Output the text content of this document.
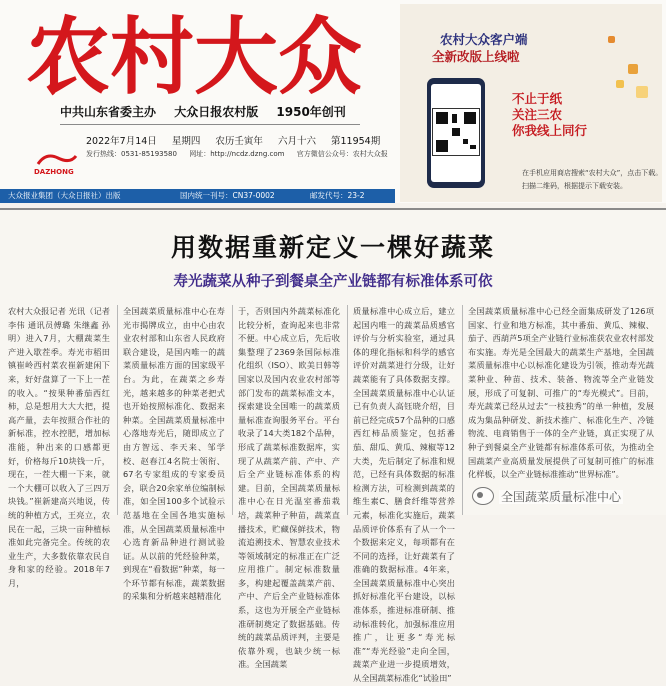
农村大众
中共山东省委主办 大众日报农村版 1950年创刊
2022年7月14日 星期四 农历壬寅年 六月十六 第11954期
DAZHONG
发行热线：0531-85193580 网址：http://ncdz.dzng.com 官方微信公众号：农村大众报
大众报业集团（大众日报社）出版	国内统一刊号：CN37-0002	邮发代号：23-2
农村大众客户端
全新改版上线啦
不止于纸
关注三农
你我线上同行
在手机应用商店搜索“农村大众”，点击下载。
扫描二维码，根据提示下载安装。
用数据重新定义一棵好蔬菜
寿光蔬菜从种子到餐桌全产业链都有标准体系可依

农村大众报记者 光讯（记者李伟 通讯员傅璐 朱继鑫 孙明）进入7月，大棚蔬菜生产进入歇茬季。寿光市稻田镇崔岭西村菜农崔新建闲下来，好好盘算了一下上一茬的收入。“按果种番茄西红柿，总是想用大大大把，提高产量，去年按照合作社的新标准，控水控肥，增加标准能，种出来的口感都更好，价格每斤10块钱一斤，现在，一茬大棚一下来，就一个大棚可以收入了三四万块钱。”崔新建高兴地说，传统的种植方式，王亮立，农民在一起，三块一亩种植标准如此完备完全。传统的农业生产，大多数依靠农民自身和家的经验。2018年7月，

全国蔬菜质量标准中心在寿光市揭牌成立，由中心由农业农村部和山东省人民政府联合建设，是国内唯一的蔬菜质量标准方面的国家级平台。为此，在蔬菜之乡寿光，越来越多的种菜老把式也开始按照标准化、数据来种菜。全国蔬菜质量标准中心落地寿光后，随即成立了由方智远、李天来、邹学校、赵春江4名院士领衔、67名专家组成的专家委员会，联合20余家单位编制标准，如全国100多个试验示范基地在全国各地实施标准，从全国蔬菜质量标准中心选育新品种进行测试验证。从以前的凭经验种菜，到现在“看数据”种菜，每一个环节都有标准，蔬菜数据的采集和分析越来越精准化

于，否则国内外蔬菜标准化比较分析，查询起来也非常不便。中心成立后，先后收集整理了2369条国际标准化组织（ISO）、欧美日韩等国家以及国内农业农村部等部门发布的蔬菜标准文本，探索建设全国唯一的蔬菜质量标准查询服务平台。平台收录了14大类182个品种，形成了蔬菜标准数据库，实现了从蔬菜产前、产中、产后全产业链标准体系的构建。目前，全国蔬菜质量标准中心在日光温室番茄栽培，蔬菜种子种苗，蔬菜直播技术，贮藏保鲜技术，物流追溯技术、智慧农业技术等领域制定的标准正在广泛应用推广。制定标准数量多，构建起覆盖蔬菜产前、产中、产后全产业链标准体系，这也为开展全产业链标准研制奠定了数据基础。传统的蔬菜品质评判，主要是依靠外观，也缺少统一标准。全国蔬菜

质量标准中心成立后，建立起国内唯一的蔬菜品质感官评价与分析实验室，通过具体的理化指标和科学的感官评价对蔬菜进行分级，让好蔬菜能有了具体数据支撑。全国蔬菜质量标准中心认证已有负责人高钰晓介绍，目前已经完成57个品种的口感西红柿品质鉴定，包括番茄、甜瓜、黄瓜、辣椒等12大类，先后制定了标准和规范，已经有具体数据的标准检测方法，可检测到蔬菜的维生素C、膳食纤维等营养元素，标准化实施后，蔬菜品质评价体系有了从一个一个数据来定义，每项都有在不同的选择，让好蔬菜有了准确的数据标准。4年来，全国蔬菜质量标准中心突出抓好标准化平台建设，以标准体系，推进标准研制、推动标准转化，加强标准应用推广，让更多“寿光标准”“寿光经验”走向全国，蔬菜产业进一步提质增效，从全国蔬菜标准化“试验田”

全国蔬菜质量标准中心已经全面集成研发了126项国家、行业和地方标准，其中番茄、黄瓜、辣椒、茄子、西葫芦5项全产业链行业标准获农业农村部发布实施。寿光是全国最大的蔬菜生产基地，全国蔬菜质量标准中心以标准化建设为引领，推动寿光蔬菜种业、种苗、技术、装备、物流等全产业链发展，形成了可复制、可推广的“寿光模式”。目前，寿光蔬菜已经从过去“一枝独秀”的单一种植，发展成为集品种研发、新技术推广、标准化生产、冷链物流、电商销售于一体的全产业链，真正实现了从种子到餐桌全产业链都有标准体系可依，为推动全国蔬菜产业高质量发展提供了可复制可推广的标准化样板，以全产业链标准推动“世界标准”。

全国蔬菜质量标准中心
